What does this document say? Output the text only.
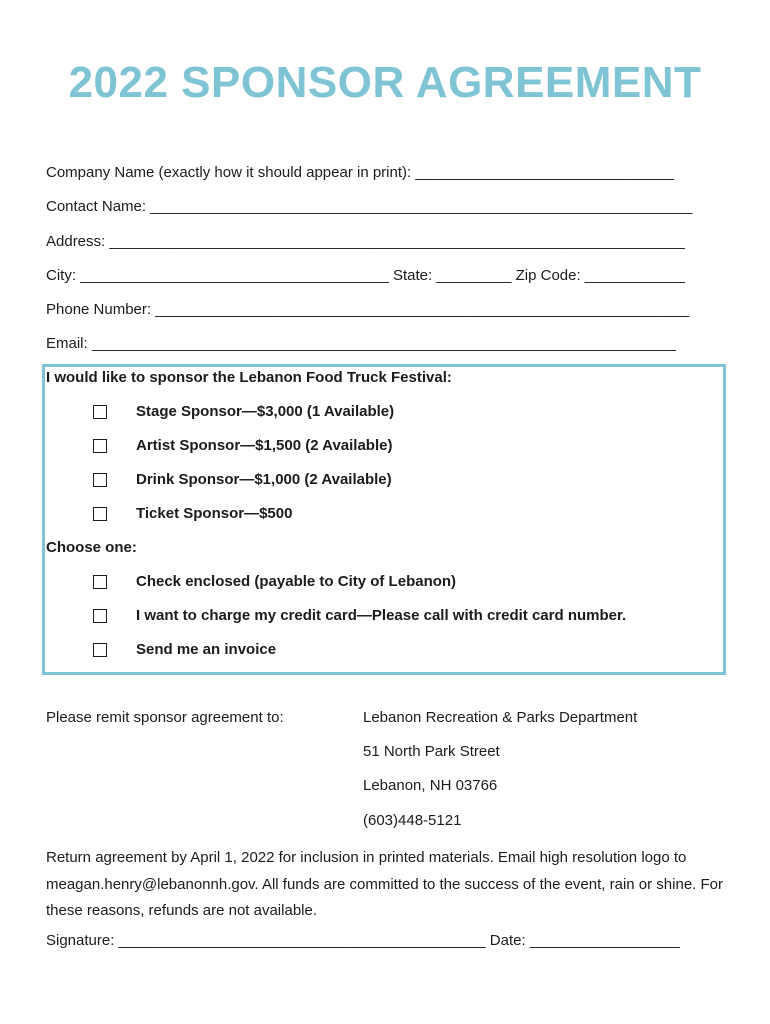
2022 SPONSOR AGREEMENT
Company Name (exactly how it should appear in print): _______________________________
Contact Name: _________________________________________________________________
Address: _____________________________________________________________________
City: _____________________________________ State: _________ Zip Code: ____________
Phone Number: ________________________________________________________________
Email: ______________________________________________________________________
I would like to sponsor the Lebanon Food Truck Festival:
Stage Sponsor—$3,000 (1 Available)
Artist Sponsor—$1,500 (2 Available)
Drink Sponsor—$1,000 (2 Available)
Ticket Sponsor—$500
Choose one:
Check enclosed (payable to City of Lebanon)
I want to charge my credit card—Please call with credit card number.
Send me an invoice
Please remit sponsor agreement to:	Lebanon Recreation & Parks Department
51 North Park Street
Lebanon, NH 03766
(603)448-5121
Return agreement by April 1, 2022 for inclusion in printed materials. Email high resolution logo to meagan.henry@lebanonnh.gov. All funds are committed to the success of the event, rain or shine. For these reasons, refunds are not available.
Signature: ____________________________________________ Date: __________________
